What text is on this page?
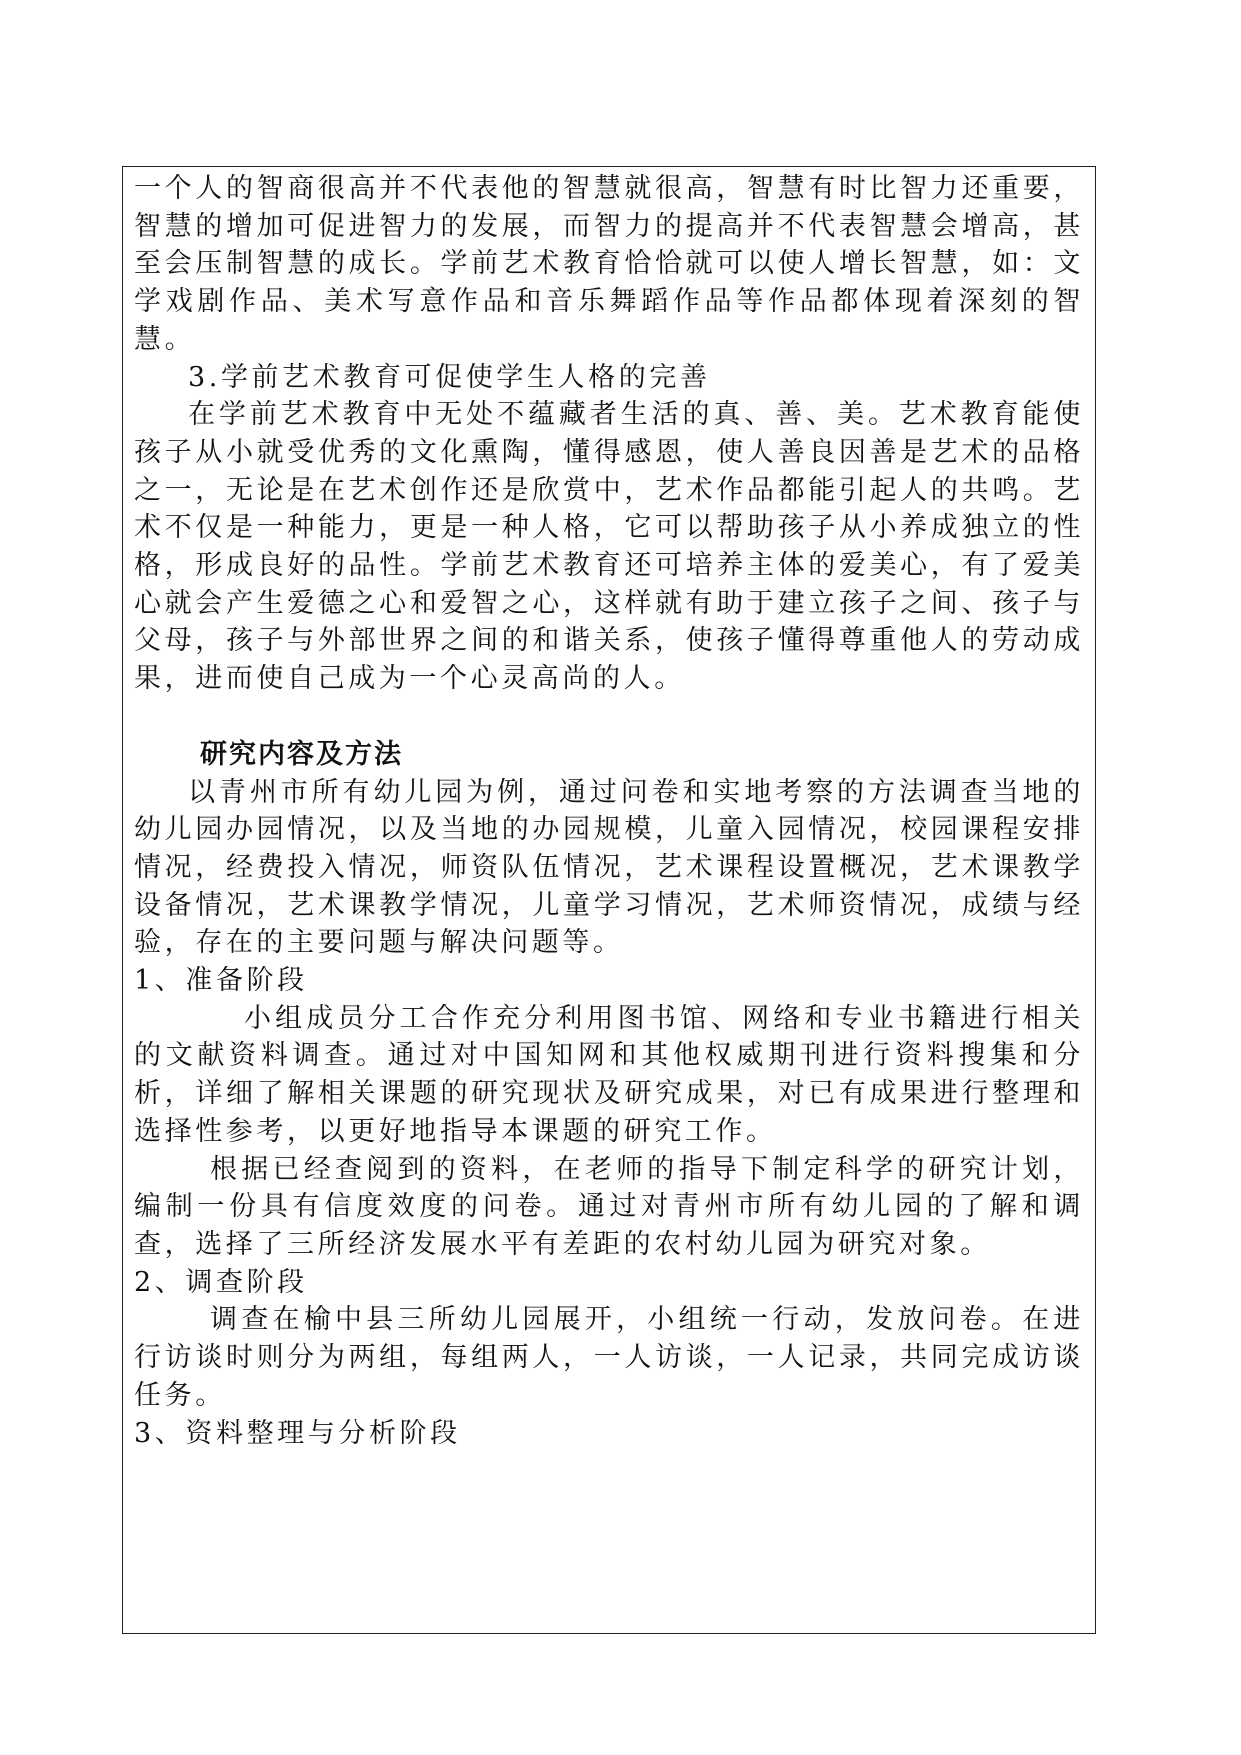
一个人的智商很高并不代表他的智慧就很高，智慧有时比智力还重要，智慧的增加可促进智力的发展，而智力的提高并不代表智慧会增高，甚至会压制智慧的成长。学前艺术教育恰恰就可以使人增长智慧，如：文学戏剧作品、美术写意作品和音乐舞蹈作品等作品都体现着深刻的智慧。

3.学前艺术教育可促使学生人格的完善

在学前艺术教育中无处不蕴藏者生活的真、善、美。艺术教育能使孩子从小就受优秀的文化熏陶，懂得感恩，使人善良因善是艺术的品格之一，无论是在艺术创作还是欣赏中，艺术作品都能引起人的共鸣。艺术不仅是一种能力，更是一种人格，它可以帮助孩子从小养成独立的性格，形成良好的品性。学前艺术教育还可培养主体的爱美心，有了爱美心就会产生爱德之心和爱智之心，这样就有助于建立孩子之间、孩子与父母，孩子与外部世界之间的和谐关系，使孩子懂得尊重他人的劳动成果，进而使自己成为一个心灵高尚的人。

研究内容及方法

以青州市所有幼儿园为例，通过问卷和实地考察的方法调查当地的幼儿园办园情况，以及当地的办园规模，儿童入园情况，校园课程安排情况，经费投入情况，师资队伍情况，艺术课程设置概况，艺术课教学设备情况，艺术课教学情况，儿童学习情况，艺术师资情况，成绩与经验，存在的主要问题与解决问题等。

1、准备阶段

小组成员分工合作充分利用图书馆、网络和专业书籍进行相关的文献资料调查。通过对中国知网和其他权威期刊进行资料搜集和分析，详细了解相关课题的研究现状及研究成果，对已有成果进行整理和选择性参考，以更好地指导本课题的研究工作。

根据已经查阅到的资料，在老师的指导下制定科学的研究计划，编制一份具有信度效度的问卷。通过对青州市所有幼儿园的了解和调查，选择了三所经济发展水平有差距的农村幼儿园为研究对象。

2、调查阶段

调查在榆中县三所幼儿园展开，小组统一行动，发放问卷。在进行访谈时则分为两组，每组两人，一人访谈，一人记录，共同完成访谈任务。

3、资料整理与分析阶段
